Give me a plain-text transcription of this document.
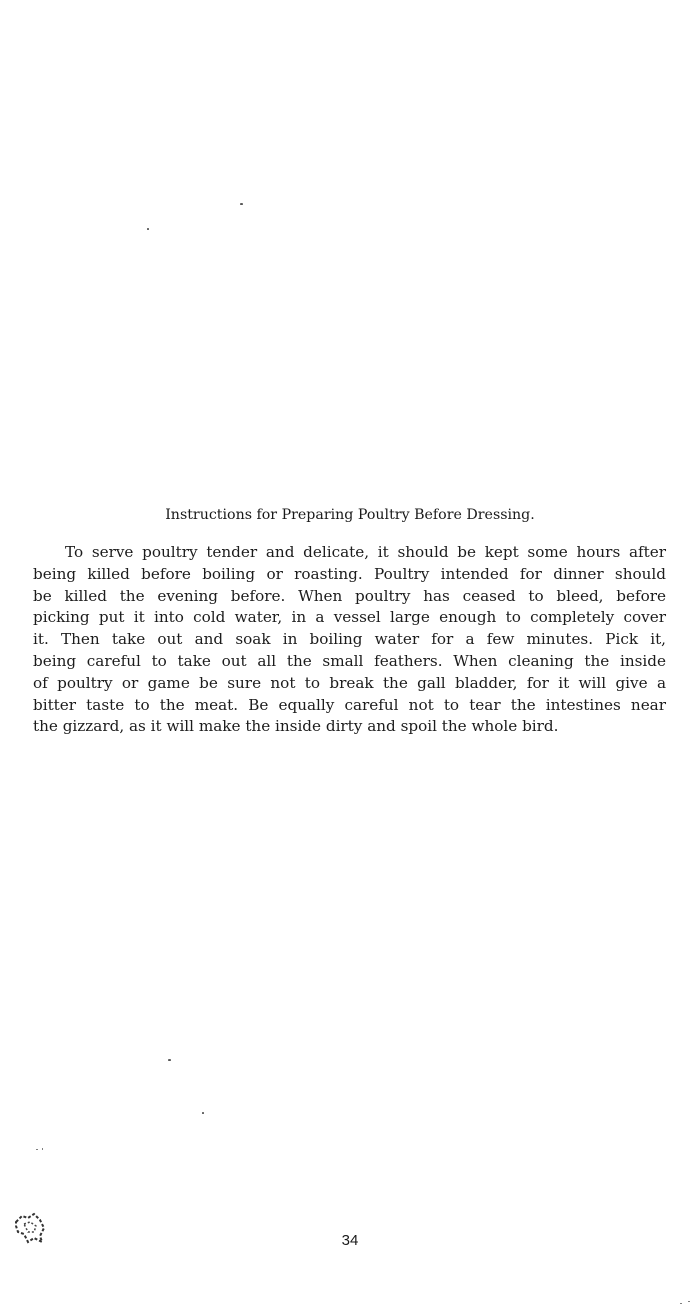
Instructions for Preparing Poultry Before Dressing.
To serve poultry tender and delicate, it should be kept some hours after
being killed before boiling or roasting. Poultry intended for dinner should
be killed the evening before. When poultry has ceased to bleed, before
picking put it into cold water, in a vessel large enough to completely cover
it. Then take out and soak in boiling water for a few minutes. Pick it,
being careful to take out all the small feathers. When cleaning the inside
of poultry or game be sure not to break the gall bladder, for it will give a
bitter taste to the meat. Be equally careful not to tear the intestines near
the gizzard, as it will make the inside dirty and spoil the whole bird.
34
